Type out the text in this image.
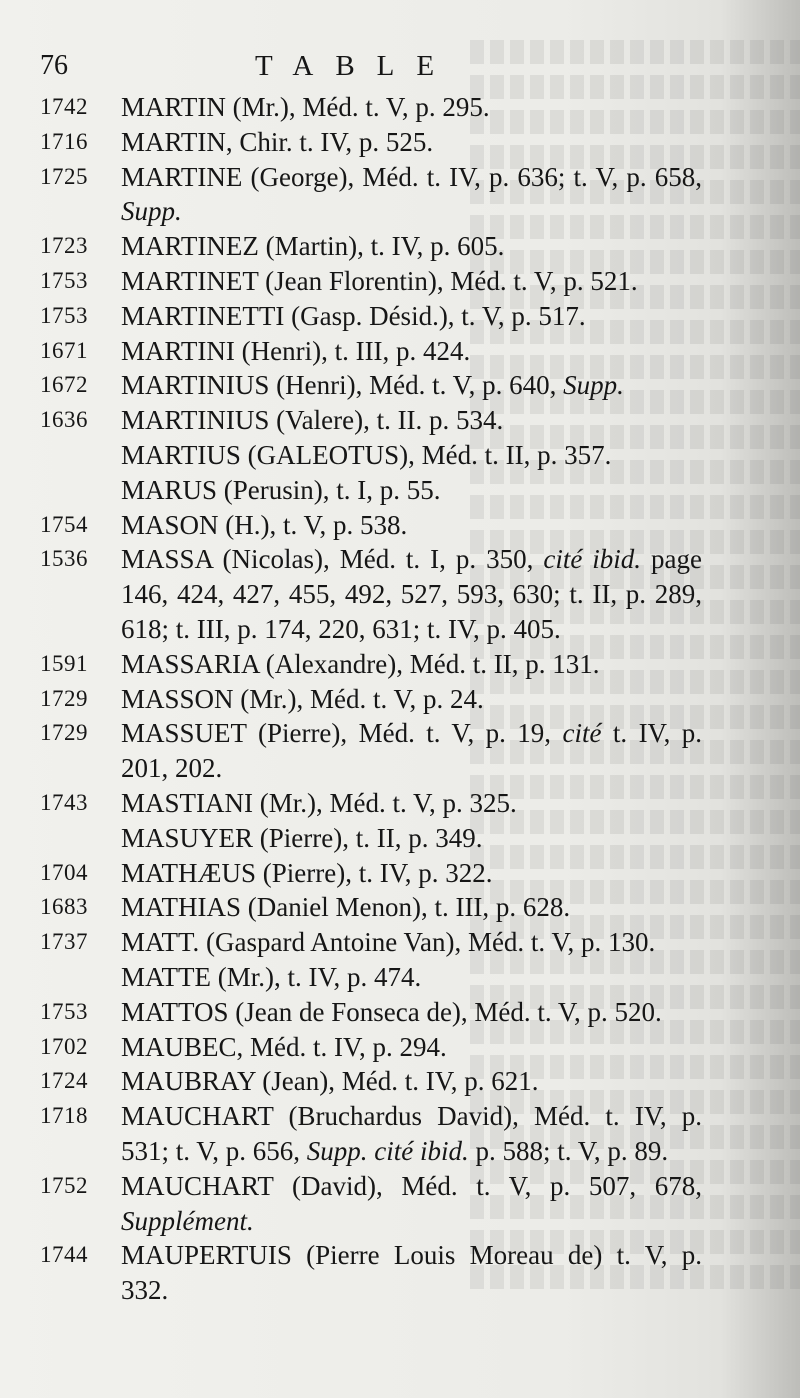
76	TABLE
1742 MARTIN (Mr.), Méd. t. V, p. 295.
1716 MARTIN, Chir. t. IV, p. 525.
1725 MARTINE (George), Méd. t. IV, p. 636; t. V, p. 658, Supp.
1723 MARTINEZ (Martin), t. IV, p. 605.
1753 MARTINET (Jean Florentin), Méd. t. V, p. 521.
1753 MARTINETTI (Gasp. Désid.), t. V, p. 517.
1671 MARTINI (Henri), t. III, p. 424.
1672 MARTINIUS (Henri), Méd. t. V, p. 640, Supp.
1636 MARTINIUS (Valere), t. II. p. 534.
MARTIUS (GALEOTUS), Méd. t. II, p. 357.
MARUS (Perusin), t. I, p. 55.
1754 MASON (H.), t. V, p. 538.
1536 MASSA (Nicolas), Méd. t. I, p. 350, cité ibid. page 146, 424, 427, 455, 492, 527, 593, 630; t. II, p. 289, 618; t. III, p. 174, 220, 631; t. IV, p. 405.
1591 MASSARIA (Alexandre), Méd. t. II, p. 131.
1729 MASSON (Mr.), Méd. t. V, p. 24.
1729 MASSUET (Pierre), Méd. t. V, p. 19, cité t. IV, p. 201, 202.
1743 MASTIANI (Mr.), Méd. t. V, p. 325.
MASUYER (Pierre), t. II, p. 349.
1704 MATHÆUS (Pierre), t. IV, p. 322.
1683 MATHIAS (Daniel Menon), t. III, p. 628.
1737 MATT. (Gaspard Antoine Van), Méd. t. V, p. 130.
MATTE (Mr.), t. IV, p. 474.
1753 MATTOS (Jean de Fonseca de), Méd. t. V, p. 520.
1702 MAUBEC, Méd. t. IV, p. 294.
1724 MAUBRAY (Jean), Méd. t. IV, p. 621.
1718 MAUCHART (Bruchardus David), Méd. t. IV, p. 531; t. V, p. 656, Supp. cité ibid. p. 588; t. V, p. 89.
1752 MAUCHART (David), Méd. t. V, p. 507, 678, Supplément.
1744 MAUPERTUIS (Pierre Louis Moreau de) t. V, p. 332.
